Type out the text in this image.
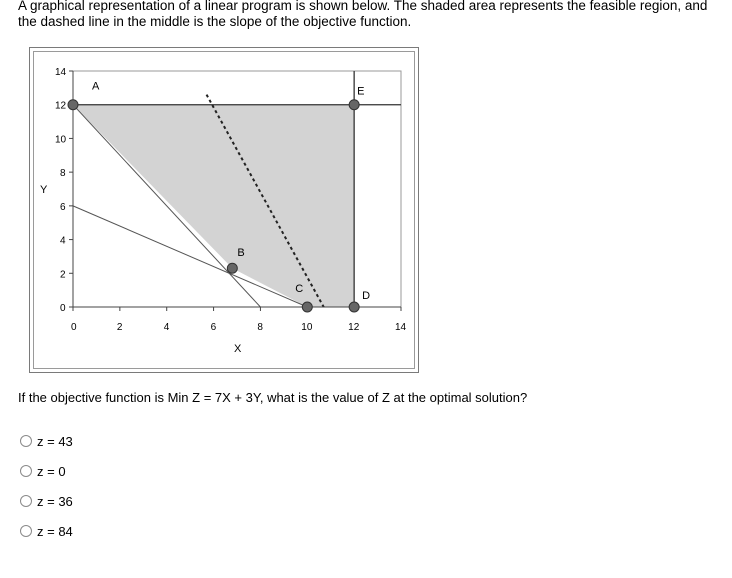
A graphical representation of a linear program is shown below. The shaded area represents the feasible region, and the dashed line in the middle is the slope of the objective function.

0	2	4	6	8	10	12	14
0
2
4
6
8
10
12
14
X
Y
A
B
C
D
E

If the objective function is Min Z = 7X + 3Y, what is the value of Z at the optimal solution?

z = 43
z = 0
z = 36
z = 84
